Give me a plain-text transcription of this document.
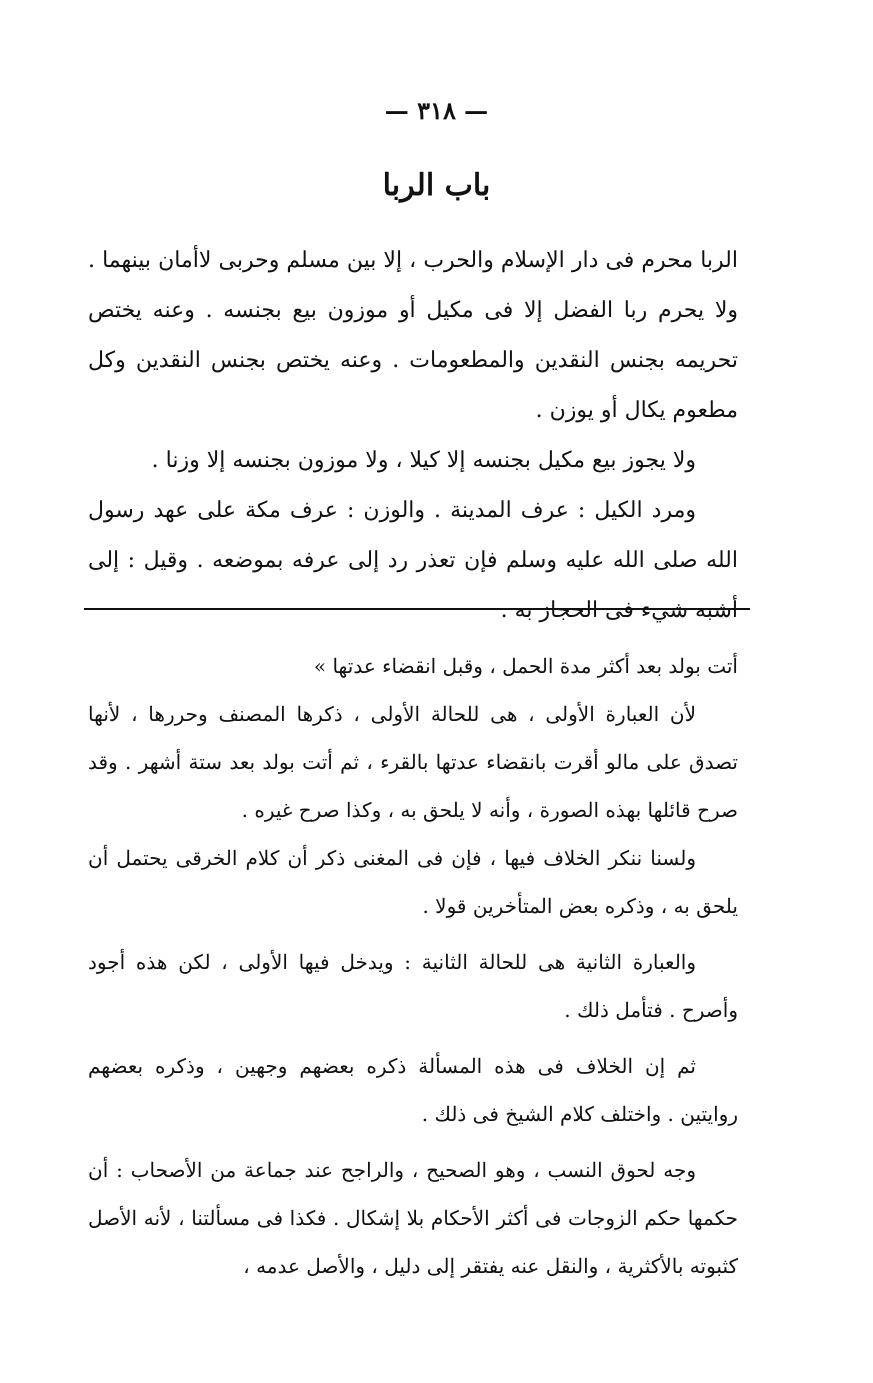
— ٣١٨ —
باب الربا

الربا محرم فى دار الإسلام والحرب ، إلا بين مسلم وحربى لاأمان بينهما . ولا يحرم ربا الفضل إلا فى مكيل أو موزون بيع بجنسه . وعنه يختص تحريمه بجنس النقدين والمطعومات . وعنه يختص بجنس النقدين وكل مطعوم يكال أو يوزن .

ولا يجوز بيع مكيل بجنسه إلا كيلا ، ولا موزون بجنسه إلا وزنا .

ومرد الكيل : عرف المدينة . والوزن : عرف مكة على عهد رسول الله صلى الله عليه وسلم فإن تعذر رد إلى عرفه بموضعه . وقيل : إلى أشبه شيء فى الحجاز به .

أتت بولد بعد أكثر مدة الحمل ، وقبل انقضاء عدتها »

لأن العبارة الأولى ، هى للحالة الأولى ، ذكرها المصنف وحررها ، لأنها تصدق على مالو أقرت بانقضاء عدتها بالقرء ، ثم أتت بولد بعد ستة أشهر . وقد صرح قائلها بهذه الصورة ، وأنه لا يلحق به ، وكذا صرح غيره .

ولسنا ننكر الخلاف فيها ، فإن فى المغنى ذكر أن كلام الخرقى يحتمل أن يلحق به ، وذكره بعض المتأخرين قولا .

والعبارة الثانية هى للحالة الثانية : ويدخل فيها الأولى ، لكن هذه أجود وأصرح . فتأمل ذلك .

ثم إن الخلاف فى هذه المسألة ذكره بعضهم وجهين ، وذكره بعضهم روايتين . واختلف كلام الشيخ فى ذلك .

وجه لحوق النسب ، وهو الصحيح ، والراجح عند جماعة من الأصحاب : أن حكمها حكم الزوجات فى أكثر الأحكام بلا إشكال . فكذا فى مسألتنا ، لأنه الأصل كثبوته بالأكثرية ، والنقل عنه يفتقر إلى دليل ، والأصل عدمه ،
